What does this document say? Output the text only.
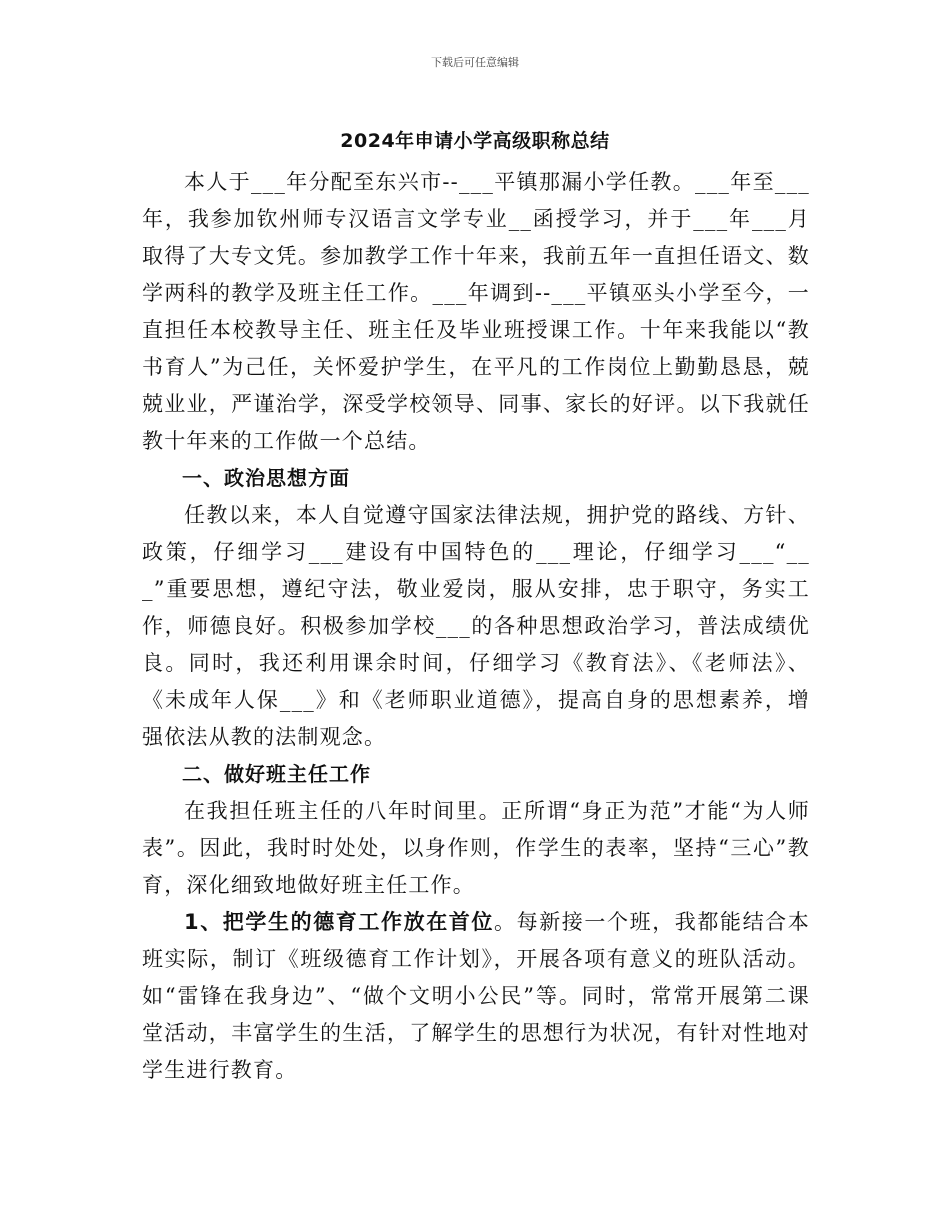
下载后可任意编辑
2024年申请小学高级职称总结

本人于___年分配至东兴市--___平镇那漏小学任教。___年至___年，我参加钦州师专汉语言文学专业__函授学习，并于___年___月取得了大专文凭。参加教学工作十年来，我前五年一直担任语文、数学两科的教学及班主任工作。___年调到--___平镇巫头小学至今，一直担任本校教导主任、班主任及毕业班授课工作。十年来我能以“教书育人”为己任，关怀爱护学生，在平凡的工作岗位上勤勤恳恳，兢兢业业，严谨治学，深受学校领导、同事、家长的好评。以下我就任教十年来的工作做一个总结。

一、政治思想方面

任教以来，本人自觉遵守国家法律法规，拥护党的路线、方针、政策，仔细学习___建设有中国特色的___理论，仔细学习___“___”重要思想，遵纪守法，敬业爱岗，服从安排，忠于职守，务实工作，师德良好。积极参加学校___的各种思想政治学习，普法成绩优良。同时，我还利用课余时间，仔细学习《教育法》、《老师法》、《未成年人保___》和《老师职业道德》，提高自身的思想素养，增强依法从教的法制观念。

二、做好班主任工作

在我担任班主任的八年时间里。正所谓“身正为范”才能“为人师表”。因此，我时时处处，以身作则，作学生的表率，坚持“三心”教育，深化细致地做好班主任工作。

1、把学生的德育工作放在首位。每新接一个班，我都能结合本班实际，制订《班级德育工作计划》，开展各项有意义的班队活动。如“雷锋在我身边”、“做个文明小公民”等。同时，常常开展第二课堂活动，丰富学生的生活，了解学生的思想行为状况，有针对性地对学生进行教育。
